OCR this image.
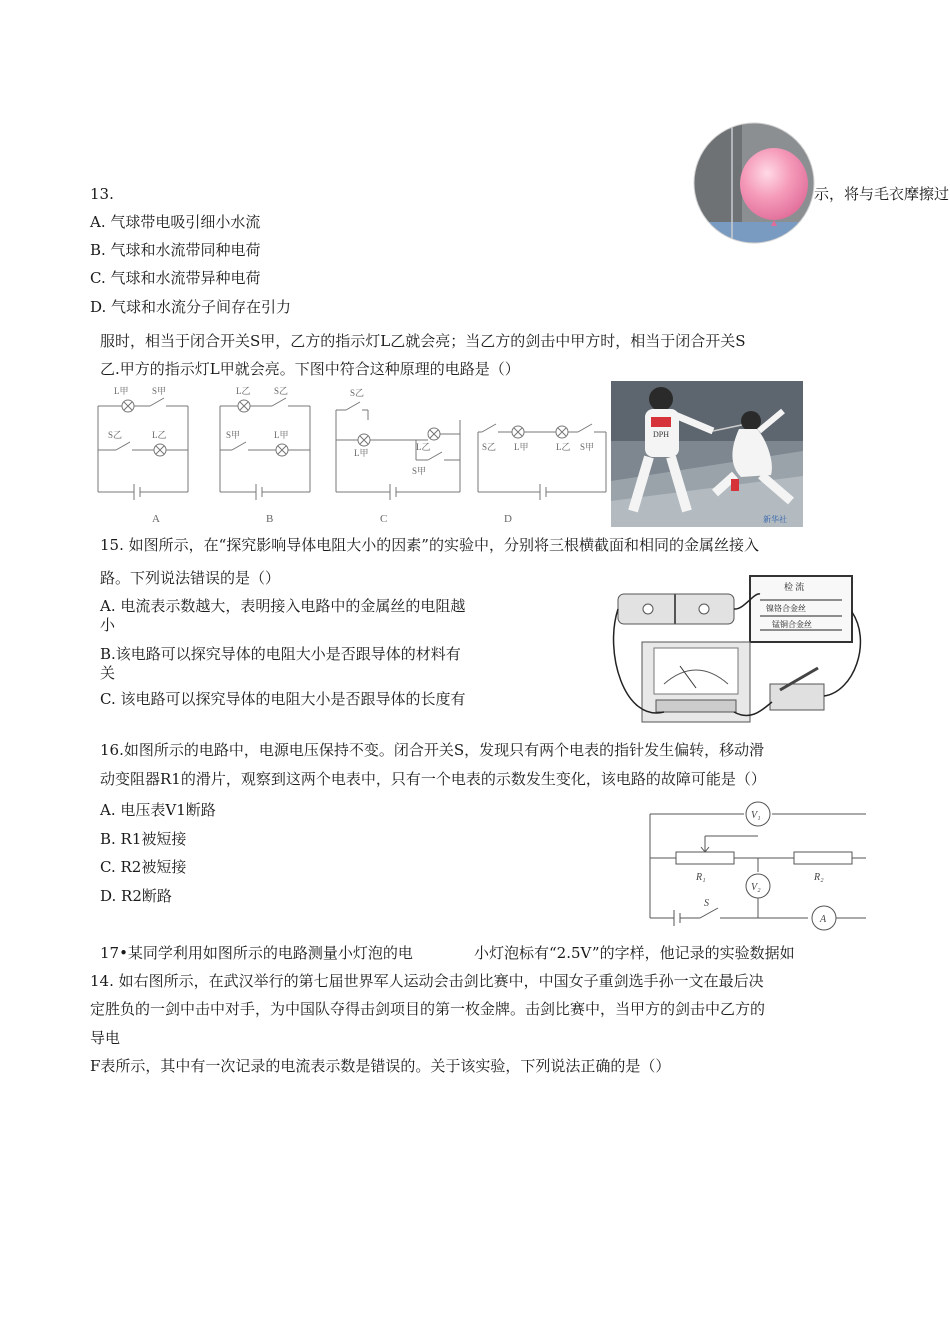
13.	示，将与毛衣摩擦过
A. 气球带电吸引细小水流
B. 气球和水流带同种电荷
C. 气球和水流带异种电荷
D. 气球和水流分子间存在引力
服时，相当于闭合开关S甲，乙方的指示灯L乙就会亮；当乙方的剑击中甲方时，相当于闭合开关S
乙.甲方的指示灯L甲就会亮。下图中符合这种原理的电路是（）
L甲	S甲
S乙	L乙
A
L乙	S乙
S甲	L甲
B
S乙
L甲
L乙
S甲
C
S乙 L甲	L乙 S甲
D
DPH
新华社
15. 如图所示，在“探究影响导体电阻大小的因素”的实验中，分别将三根横截面和相同的金属丝接入
路。下列说法错误的是（）
A. 电流表示数越大，表明接入电路中的金属丝的电阻越
小
B.该电路可以探究导体的电阻大小是否跟导体的材料有
关
C. 该电路可以探究导体的电阻大小是否跟导体的长度有
检 流
镍铬合金丝
锰铜合金丝
16.如图所示的电路中，电源电压保持不变。闭合开关S，发现只有两个电表的指针发生偏转，移动滑
动变阻器R1的滑片，观察到这两个电表中，只有一个电表的示数发生变化，该电路的故障可能是（）
A. 电压表V1断路
B. R1被短接
C. R2被短接
D. R2断路
V₁
R₁	R₂
V₂
S
A
17•某同学利用如图所示的电路测量小灯泡的电	小灯泡标有“2.5V”的字样，他记录的实验数据如
14. 如右图所示，在武汉举行的第七届世界军人运动会击剑比赛中，中国女子重剑选手孙一文在最后决
定胜负的一剑中击中对手，为中国队夺得击剑项目的第一枚金牌。击剑比赛中，当甲方的剑击中乙方的
导电
F表所示，其中有一次记录的电流表示数是错误的。关于该实验，下列说法正确的是（）
